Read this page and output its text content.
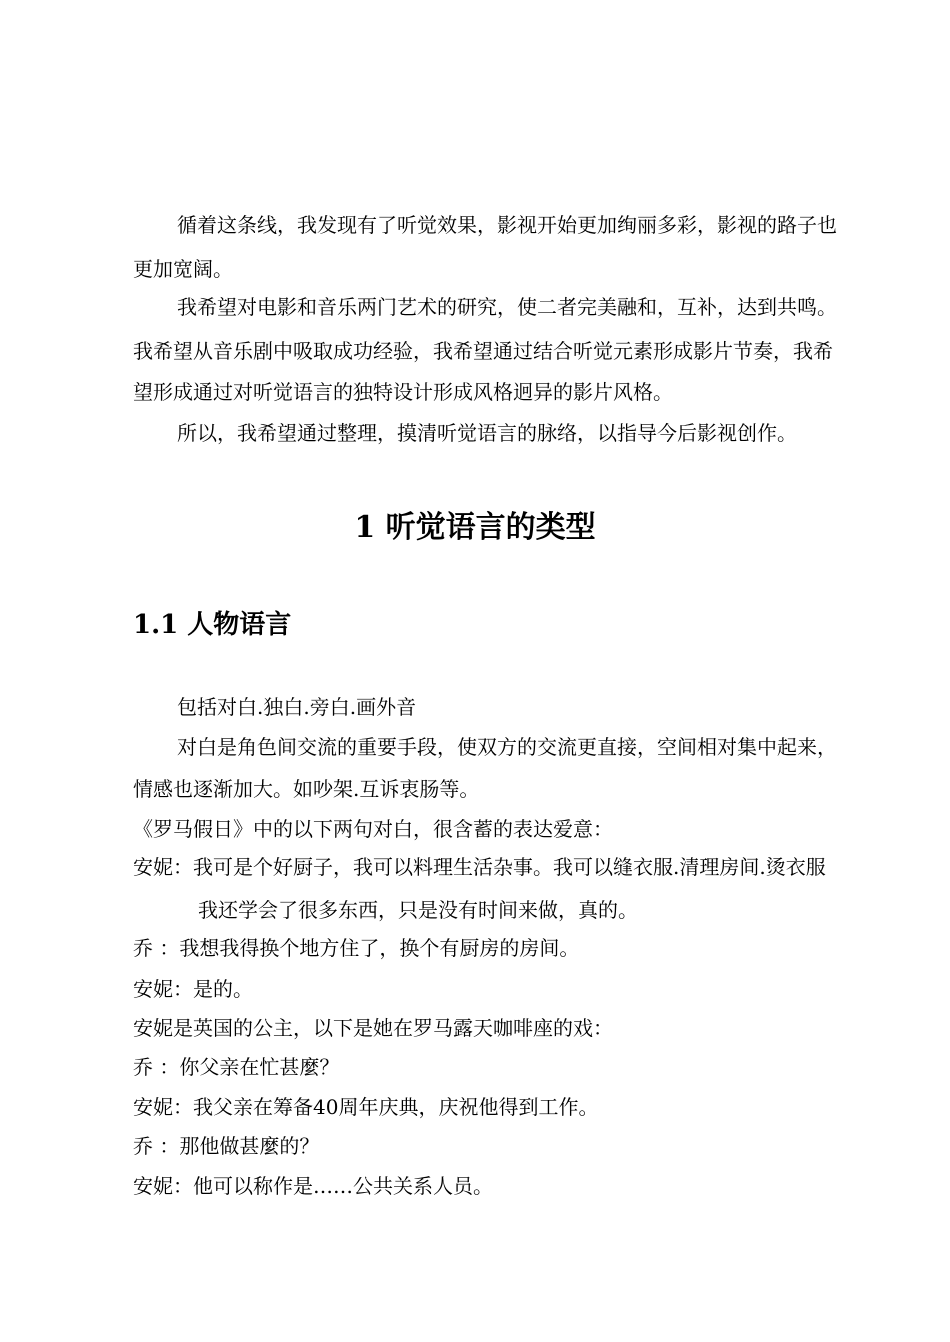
循着这条线，我发现有了听觉效果，影视开始更加绚丽多彩，影视的路子也
更加宽阔。
我希望对电影和音乐两门艺术的研究，使二者完美融和，互补，达到共鸣。
我希望从音乐剧中吸取成功经验，我希望通过结合听觉元素形成影片节奏，我希
望形成通过对听觉语言的独特设计形成风格迥异的影片风格。
所以，我希望通过整理，摸清听觉语言的脉络，以指导今后影视创作。
1 听觉语言的类型
1.1 人物语言
包括对白.独白.旁白.画外音
对白是角色间交流的重要手段，使双方的交流更直接，空间相对集中起来，
情感也逐渐加大。如吵架.互诉衷肠等。
《罗马假日》中的以下两句对白，很含蓄的表达爱意：
安妮：我可是个好厨子，我可以料理生活杂事。我可以缝衣服.清理房间.烫衣服
我还学会了很多东西，只是没有时间来做，真的。
乔 ：我想我得换个地方住了，换个有厨房的房间。
安妮：是的。
安妮是英国的公主，以下是她在罗马露天咖啡座的戏：
乔 ：你父亲在忙甚麼？
安妮：我父亲在筹备40周年庆典，庆祝他得到工作。
乔 ：那他做甚麼的？
安妮：他可以称作是……公共关系人员。
